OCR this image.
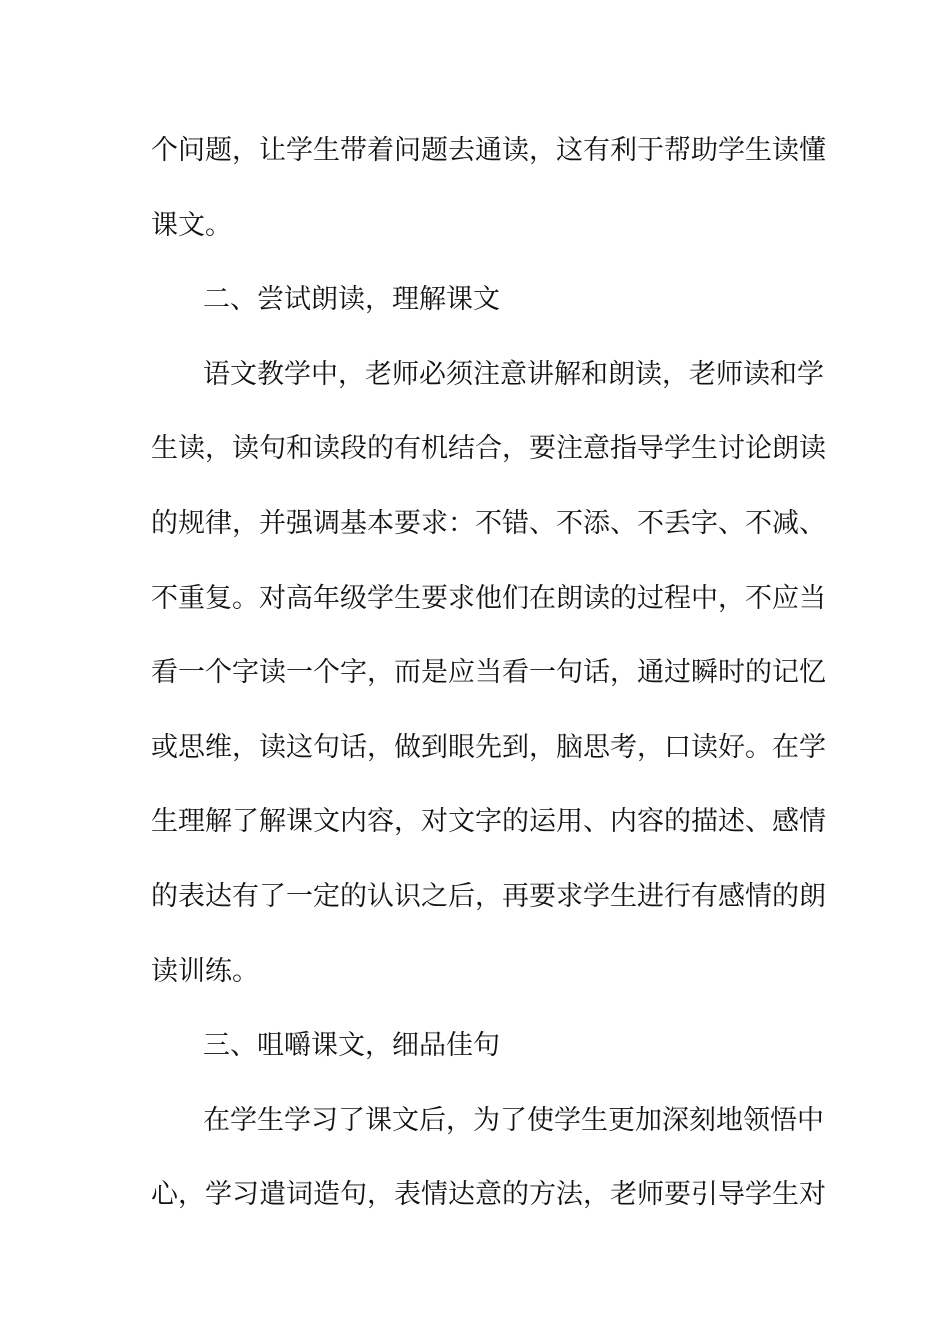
个问题，让学生带着问题去通读，这有利于帮助学生读懂
课文。
二、尝试朗读，理解课文
语文教学中，老师必须注意讲解和朗读，老师读和学
生读，读句和读段的有机结合，要注意指导学生讨论朗读
的规律，并强调基本要求：不错、不添、不丢字、不减、
不重复。对高年级学生要求他们在朗读的过程中，不应当
看一个字读一个字，而是应当看一句话，通过瞬时的记忆
或思维，读这句话，做到眼先到，脑思考，口读好。在学
生理解了解课文内容，对文字的运用、内容的描述、感情
的表达有了一定的认识之后，再要求学生进行有感情的朗
读训练。
三、咀嚼课文，细品佳句
在学生学习了课文后，为了使学生更加深刻地领悟中
心，学习遣词造句，表情达意的方法，老师要引导学生对
